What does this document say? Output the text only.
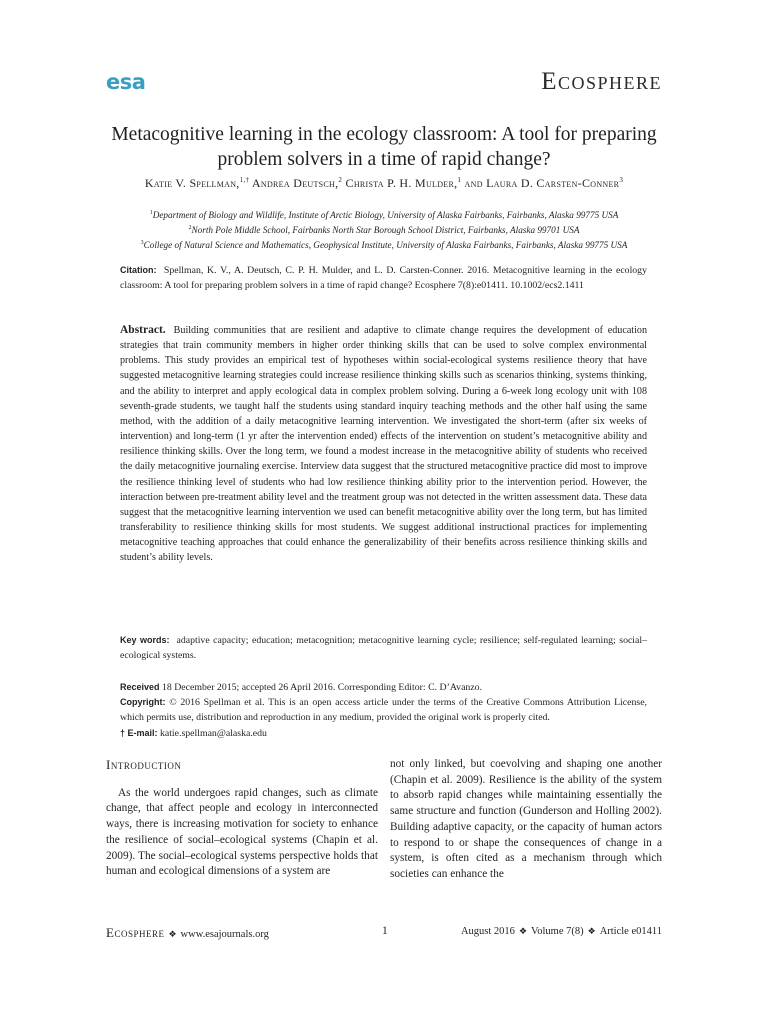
esa	Ecosphere
Metacognitive learning in the ecology classroom: A tool for preparing problem solvers in a time of rapid change?
Katie V. Spellman,$^{1,\dagger}$ Andrea Deutsch,$^2$ Christa P. H. Mulder,$^1$ and Laura D. Carsten-Conner$^3$
$^1$Department of Biology and Wildlife, Institute of Arctic Biology, University of Alaska Fairbanks, Fairbanks, Alaska 99775 USA
$^2$North Pole Middle School, Fairbanks North Star Borough School District, Fairbanks, Alaska 99701 USA
$^3$College of Natural Science and Mathematics, Geophysical Institute, University of Alaska Fairbanks, Fairbanks, Alaska 99775 USA

Citation: Spellman, K. V., A. Deutsch, C. P. H. Mulder, and L. D. Carsten-Conner. 2016. Metacognitive learning in the ecology classroom: A tool for preparing problem solvers in a time of rapid change? Ecosphere 7(8):e01411. 10.1002/ecs2.1411

Abstract. Building communities that are resilient and adaptive to climate change requires the development of education strategies that train community members in higher order thinking skills that can be used to solve complex environmental problems. This study provides an empirical test of hypotheses within social-ecological systems resilience theory that have suggested metacognitive learning strategies could increase resilience thinking skills such as scenarios thinking, systems thinking, and the ability to interpret and apply ecological data in complex problem solving. During a 6-week long ecology unit with 108 seventh-grade students, we taught half the students using standard inquiry teaching methods and the other half using the same method, with the addition of a daily metacognitive learning intervention. We investigated the short-term (after six weeks of intervention) and long-term (1 yr after the intervention ended) effects of the intervention on student’s metacognitive ability and resilience thinking skills. Over the long term, we found a modest increase in the metacognitive ability of students who received the daily metacognitive journaling exercise. Interview data suggest that the structured metacognitive practice did most to improve the resilience thinking level of students who had low resilience thinking ability prior to the intervention period. However, the interaction between pre-treatment ability level and the treatment group was not detected in the written assessment data. These data suggest that the metacognitive learning intervention we used can benefit metacognitive ability over the long term, but has limited transferability to resilience thinking skills for most students. We suggest additional instructional practices for implementing metacognitive teaching approaches that could enhance the generalizability of their benefits across resilience thinking skills and student’s ability levels.

Key words: adaptive capacity; education; metacognition; metacognitive learning cycle; resilience; self-regulated learning; social–ecological systems.

Received 18 December 2015; accepted 26 April 2016. Corresponding Editor: C. D’Avanzo.

Copyright: © 2016 Spellman et al. This is an open access article under the terms of the Creative Commons Attribution License, which permits use, distribution and reproduction in any medium, provided the original work is properly cited.

† E-mail: katie.spellman@alaska.edu

Introduction

As the world undergoes rapid changes, such as climate change, that affect people and ecology in interconnected ways, there is increasing motivation for society to enhance the resilience of social–ecological systems (Chapin et al. 2009). The social–ecological systems perspective holds that human and ecological dimensions of a system are

not only linked, but coevolving and shaping one another (Chapin et al. 2009). Resilience is the ability of the system to absorb rapid changes while maintaining essentially the same structure and function (Gunderson and Holling 2002). Building adaptive capacity, or the capacity of human actors to respond to or shape the consequences of change in a system, is often cited as a mechanism through which societies can enhance the

Ecosphere ❖ www.esajournals.org	1	August 2016 ❖ Volume 7(8) ❖ Article e01411
